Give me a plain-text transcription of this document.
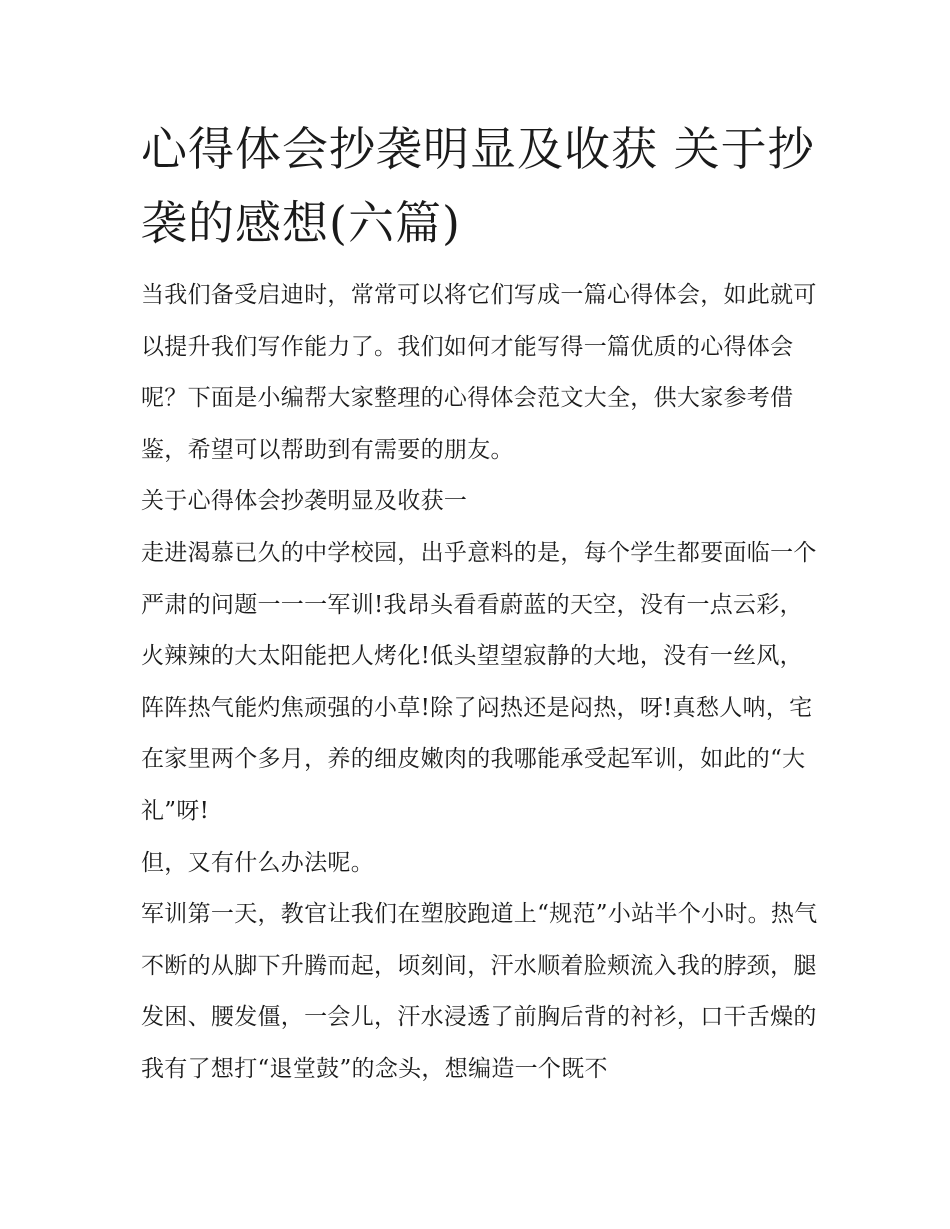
心得体会抄袭明显及收获 关于抄袭的感想(六篇)

当我们备受启迪时，常常可以将它们写成一篇心得体会，如此就可以提升我们写作能力了。我们如何才能写得一篇优质的心得体会呢？下面是小编帮大家整理的心得体会范文大全，供大家参考借鉴，希望可以帮助到有需要的朋友。

关于心得体会抄袭明显及收获一

走进渴慕已久的中学校园，出乎意料的是，每个学生都要面临一个严肃的问题一一一军训!我昂头看看蔚蓝的天空，没有一点云彩，火辣辣的大太阳能把人烤化!低头望望寂静的大地，没有一丝风，阵阵热气能灼焦顽强的小草!除了闷热还是闷热，呀!真愁人呐，宅在家里两个多月，养的细皮嫩肉的我哪能承受起军训，如此的“大礼”呀!

但，又有什么办法呢。

军训第一天，教官让我们在塑胶跑道上“规范”小站半个小时。热气不断的从脚下升腾而起，顷刻间，汗水顺着脸颊流入我的脖颈，腿发困、腰发僵，一会儿，汗水浸透了前胸后背的衬衫，口干舌燥的我有了想打“退堂鼓”的念头，想编造一个既不
